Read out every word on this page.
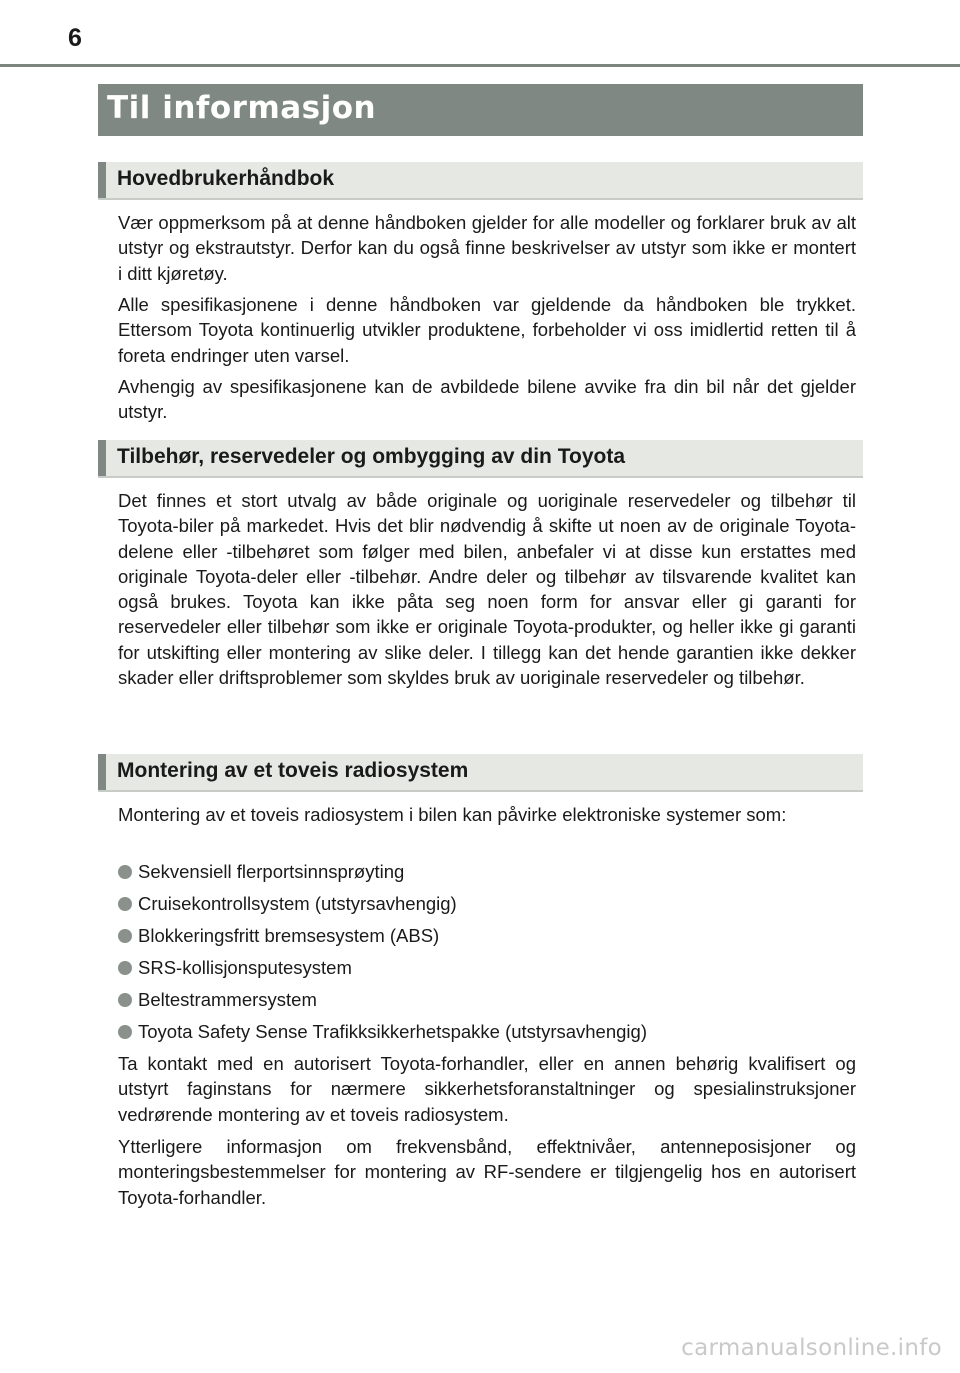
6
Til informasjon
Hovedbrukerhåndbok

Vær oppmerksom på at denne håndboken gjelder for alle modeller og forklarer bruk av alt utstyr og ekstrautstyr. Derfor kan du også finne beskrivelser av utstyr som ikke er montert i ditt kjøretøy.

Alle spesifikasjonene i denne håndboken var gjeldende da håndboken ble trykket. Ettersom Toyota kontinuerlig utvikler produktene, forbeholder vi oss imidlertid retten til å foreta endringer uten varsel.

Avhengig av spesifikasjonene kan de avbildede bilene avvike fra din bil når det gjelder utstyr.

Tilbehør, reservedeler og ombygging av din Toyota

Det finnes et stort utvalg av både originale og uoriginale reservedeler og tilbehør til Toyota-biler på markedet. Hvis det blir nødvendig å skifte ut noen av de originale Toyota-delene eller -tilbehøret som følger med bilen, anbefaler vi at disse kun erstattes med originale Toyota-deler eller -tilbehør. Andre deler og tilbehør av tilsvarende kvalitet kan også brukes. Toyota kan ikke påta seg noen form for ansvar eller gi garanti for reservedeler eller tilbehør som ikke er originale Toyota-produkter, og heller ikke gi garanti for utskifting eller montering av slike deler. I tillegg kan det hende garantien ikke dekker skader eller driftsproblemer som skyldes bruk av uoriginale reservedeler og tilbehør.

Montering av et toveis radiosystem

Montering av et toveis radiosystem i bilen kan påvirke elektroniske systemer som:

Sekvensiell flerportsinnsprøyting
Cruisekontrollsystem (utstyrsavhengig)
Blokkeringsfritt bremsesystem (ABS)
SRS-kollisjonsputesystem
Beltestrammersystem
Toyota Safety Sense Trafikksikkerhetspakke (utstyrsavhengig)

Ta kontakt med en autorisert Toyota-forhandler, eller en annen behørig kvalifisert og utstyrt faginstans for nærmere sikkerhetsforanstaltninger og spesialinstruksjoner vedrørende montering av et toveis radiosystem.

Ytterligere informasjon om frekvensbånd, effektnivåer, antenneposisjoner og monteringsbestemmelser for montering av RF-sendere er tilgjengelig hos en autorisert Toyota-forhandler.

carmanualsonline.info
